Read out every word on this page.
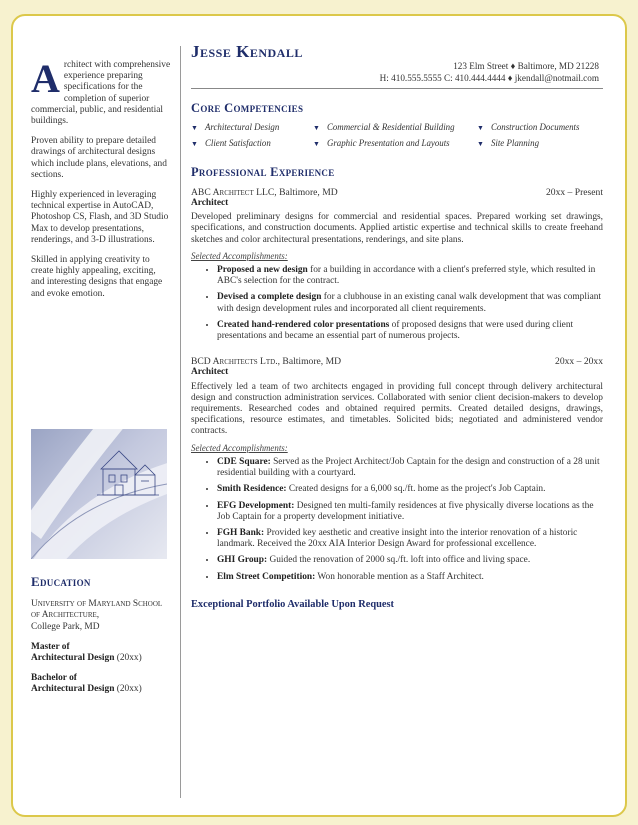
Architect with comprehensive experience preparing specifications for the completion of superior commercial, public, and residential buildings.

Proven ability to prepare detailed drawings of architectural designs which include plans, elevations, and sections.

Highly experienced in leveraging technical expertise in AutoCAD, Photoshop CS, Flash, and 3D Studio Max to develop presentations, renderings, and 3-D illustrations.

Skilled in applying creativity to create highly appealing, exciting, and interesting designs that engage and evoke emotion.

Education
University of Maryland School of Architecture,
College Park, MD
Master of
Architectural Design (20xx)
Bachelor of
Architectural Design (20xx)
Jesse Kendall
123 Elm Street ♦ Baltimore, MD 21228
H: 410.555.5555 C: 410.444.4444 ♦ jkendall@notmail.com
Core Competencies
▼ Architectural Design	▼ Commercial & Residential Building	▼ Construction Documents
▼ Client Satisfaction	▼ Graphic Presentation and Layouts	▼ Site Planning
Professional Experience
ABC Architect LLC, Baltimore, MD	20xx – Present
Architect
Developed preliminary designs for commercial and residential spaces. Prepared working set drawings, specifications, and construction documents. Applied artistic expertise and technical skills to create freehand sketches and color architectural presentations, renderings, and site plans.
Selected Accomplishments:
• Proposed a new design for a building in accordance with a client's preferred style, which resulted in ABC's selection for the contract.
• Devised a complete design for a clubhouse in an existing canal walk development that was compliant with design development rules and incorporated all client requirements.
• Created hand-rendered color presentations of proposed designs that were used during client presentations and became an essential part of numerous projects.
BCD Architects Ltd., Baltimore, MD	20xx – 20xx
Architect
Effectively led a team of two architects engaged in providing full concept through delivery architectural design and construction administration services. Collaborated with senior client decision-makers to develop requirements. Researched codes and obtained required permits. Created detailed designs, drawings, specifications, resource estimates, and timetables. Solicited bids; negotiated and administered vendor contracts.
Selected Accomplishments:
• CDE Square: Served as the Project Architect/Job Captain for the design and construction of a 28 unit residential building with a courtyard.
• Smith Residence: Created designs for a 6,000 sq./ft. home as the project's Job Captain.
• EFG Development: Designed ten multi-family residences at five physically diverse locations as the Job Captain for a property development initiative.
• FGH Bank: Provided key aesthetic and creative insight into the interior renovation of a historic landmark. Received the 20xx AIA Interior Design Award for professional excellence.
• GHI Group: Guided the renovation of 2000 sq./ft. loft into office and living space.
• Elm Street Competition: Won honorable mention as a Staff Architect.
Exceptional Portfolio Available Upon Request
